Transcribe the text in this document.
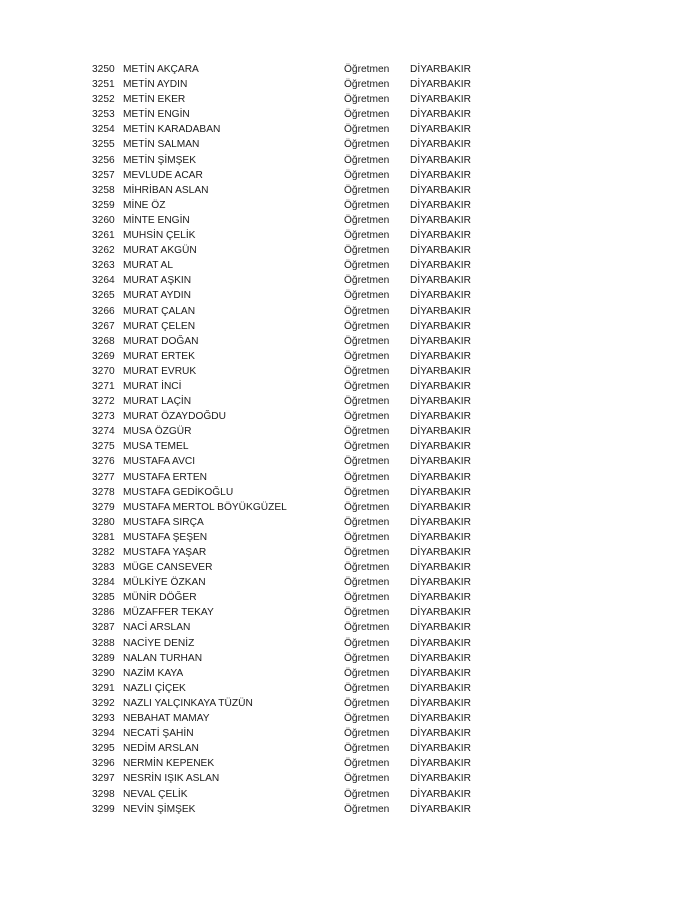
3250 METİN AKÇARA	Öğretmen DİYARBAKIR
3251 METİN AYDIN	Öğretmen DİYARBAKIR
3252 METİN EKER	Öğretmen DİYARBAKIR
3253 METİN ENGİN	Öğretmen DİYARBAKIR
3254 METİN KARADABAN	Öğretmen DİYARBAKIR
3255 METİN SALMAN	Öğretmen DİYARBAKIR
3256 METİN ŞİMŞEK	Öğretmen DİYARBAKIR
3257 MEVLUDE ACAR	Öğretmen DİYARBAKIR
3258 MİHRİBAN ASLAN	Öğretmen DİYARBAKIR
3259 MİNE ÖZ	Öğretmen DİYARBAKIR
3260 MİNTE ENGİN	Öğretmen DİYARBAKIR
3261 MUHSİN ÇELİK	Öğretmen DİYARBAKIR
3262 MURAT AKGÜN	Öğretmen DİYARBAKIR
3263 MURAT AL	Öğretmen DİYARBAKIR
3264 MURAT AŞKIN	Öğretmen DİYARBAKIR
3265 MURAT AYDIN	Öğretmen DİYARBAKIR
3266 MURAT ÇALAN	Öğretmen DİYARBAKIR
3267 MURAT ÇELEN	Öğretmen DİYARBAKIR
3268 MURAT DOĞAN	Öğretmen DİYARBAKIR
3269 MURAT ERTEK	Öğretmen DİYARBAKIR
3270 MURAT EVRUK	Öğretmen DİYARBAKIR
3271 MURAT İNCİ	Öğretmen DİYARBAKIR
3272 MURAT LAÇİN	Öğretmen DİYARBAKIR
3273 MURAT ÖZAYDOĞDU	Öğretmen DİYARBAKIR
3274 MUSA ÖZGÜR	Öğretmen DİYARBAKIR
3275 MUSA TEMEL	Öğretmen DİYARBAKIR
3276 MUSTAFA AVCI	Öğretmen DİYARBAKIR
3277 MUSTAFA ERTEN	Öğretmen DİYARBAKIR
3278 MUSTAFA GEDİKOĞLU	Öğretmen DİYARBAKIR
3279 MUSTAFA MERTOL BÖYÜKGÜZEL	Öğretmen DİYARBAKIR
3280 MUSTAFA SIRÇA	Öğretmen DİYARBAKIR
3281 MUSTAFA ŞEŞEN	Öğretmen DİYARBAKIR
3282 MUSTAFA YAŞAR	Öğretmen DİYARBAKIR
3283 MÜGE CANSEVER	Öğretmen DİYARBAKIR
3284 MÜLKİYE ÖZKAN	Öğretmen DİYARBAKIR
3285 MÜNİR DÖĞER	Öğretmen DİYARBAKIR
3286 MÜZAFFER TEKAY	Öğretmen DİYARBAKIR
3287 NACİ ARSLAN	Öğretmen DİYARBAKIR
3288 NACİYE DENİZ	Öğretmen DİYARBAKIR
3289 NALAN TURHAN	Öğretmen DİYARBAKIR
3290 NAZİM KAYA	Öğretmen DİYARBAKIR
3291 NAZLI ÇİÇEK	Öğretmen DİYARBAKIR
3292 NAZLI YALÇINKAYA TÜZÜN	Öğretmen DİYARBAKIR
3293 NEBAHAT MAMAY	Öğretmen DİYARBAKIR
3294 NECATİ ŞAHİN	Öğretmen DİYARBAKIR
3295 NEDİM ARSLAN	Öğretmen DİYARBAKIR
3296 NERMİN KEPENEK	Öğretmen DİYARBAKIR
3297 NESRİN IŞIK ASLAN	Öğretmen DİYARBAKIR
3298 NEVAL ÇELİK	Öğretmen DİYARBAKIR
3299 NEVİN ŞİMŞEK	Öğretmen DİYARBAKIR
